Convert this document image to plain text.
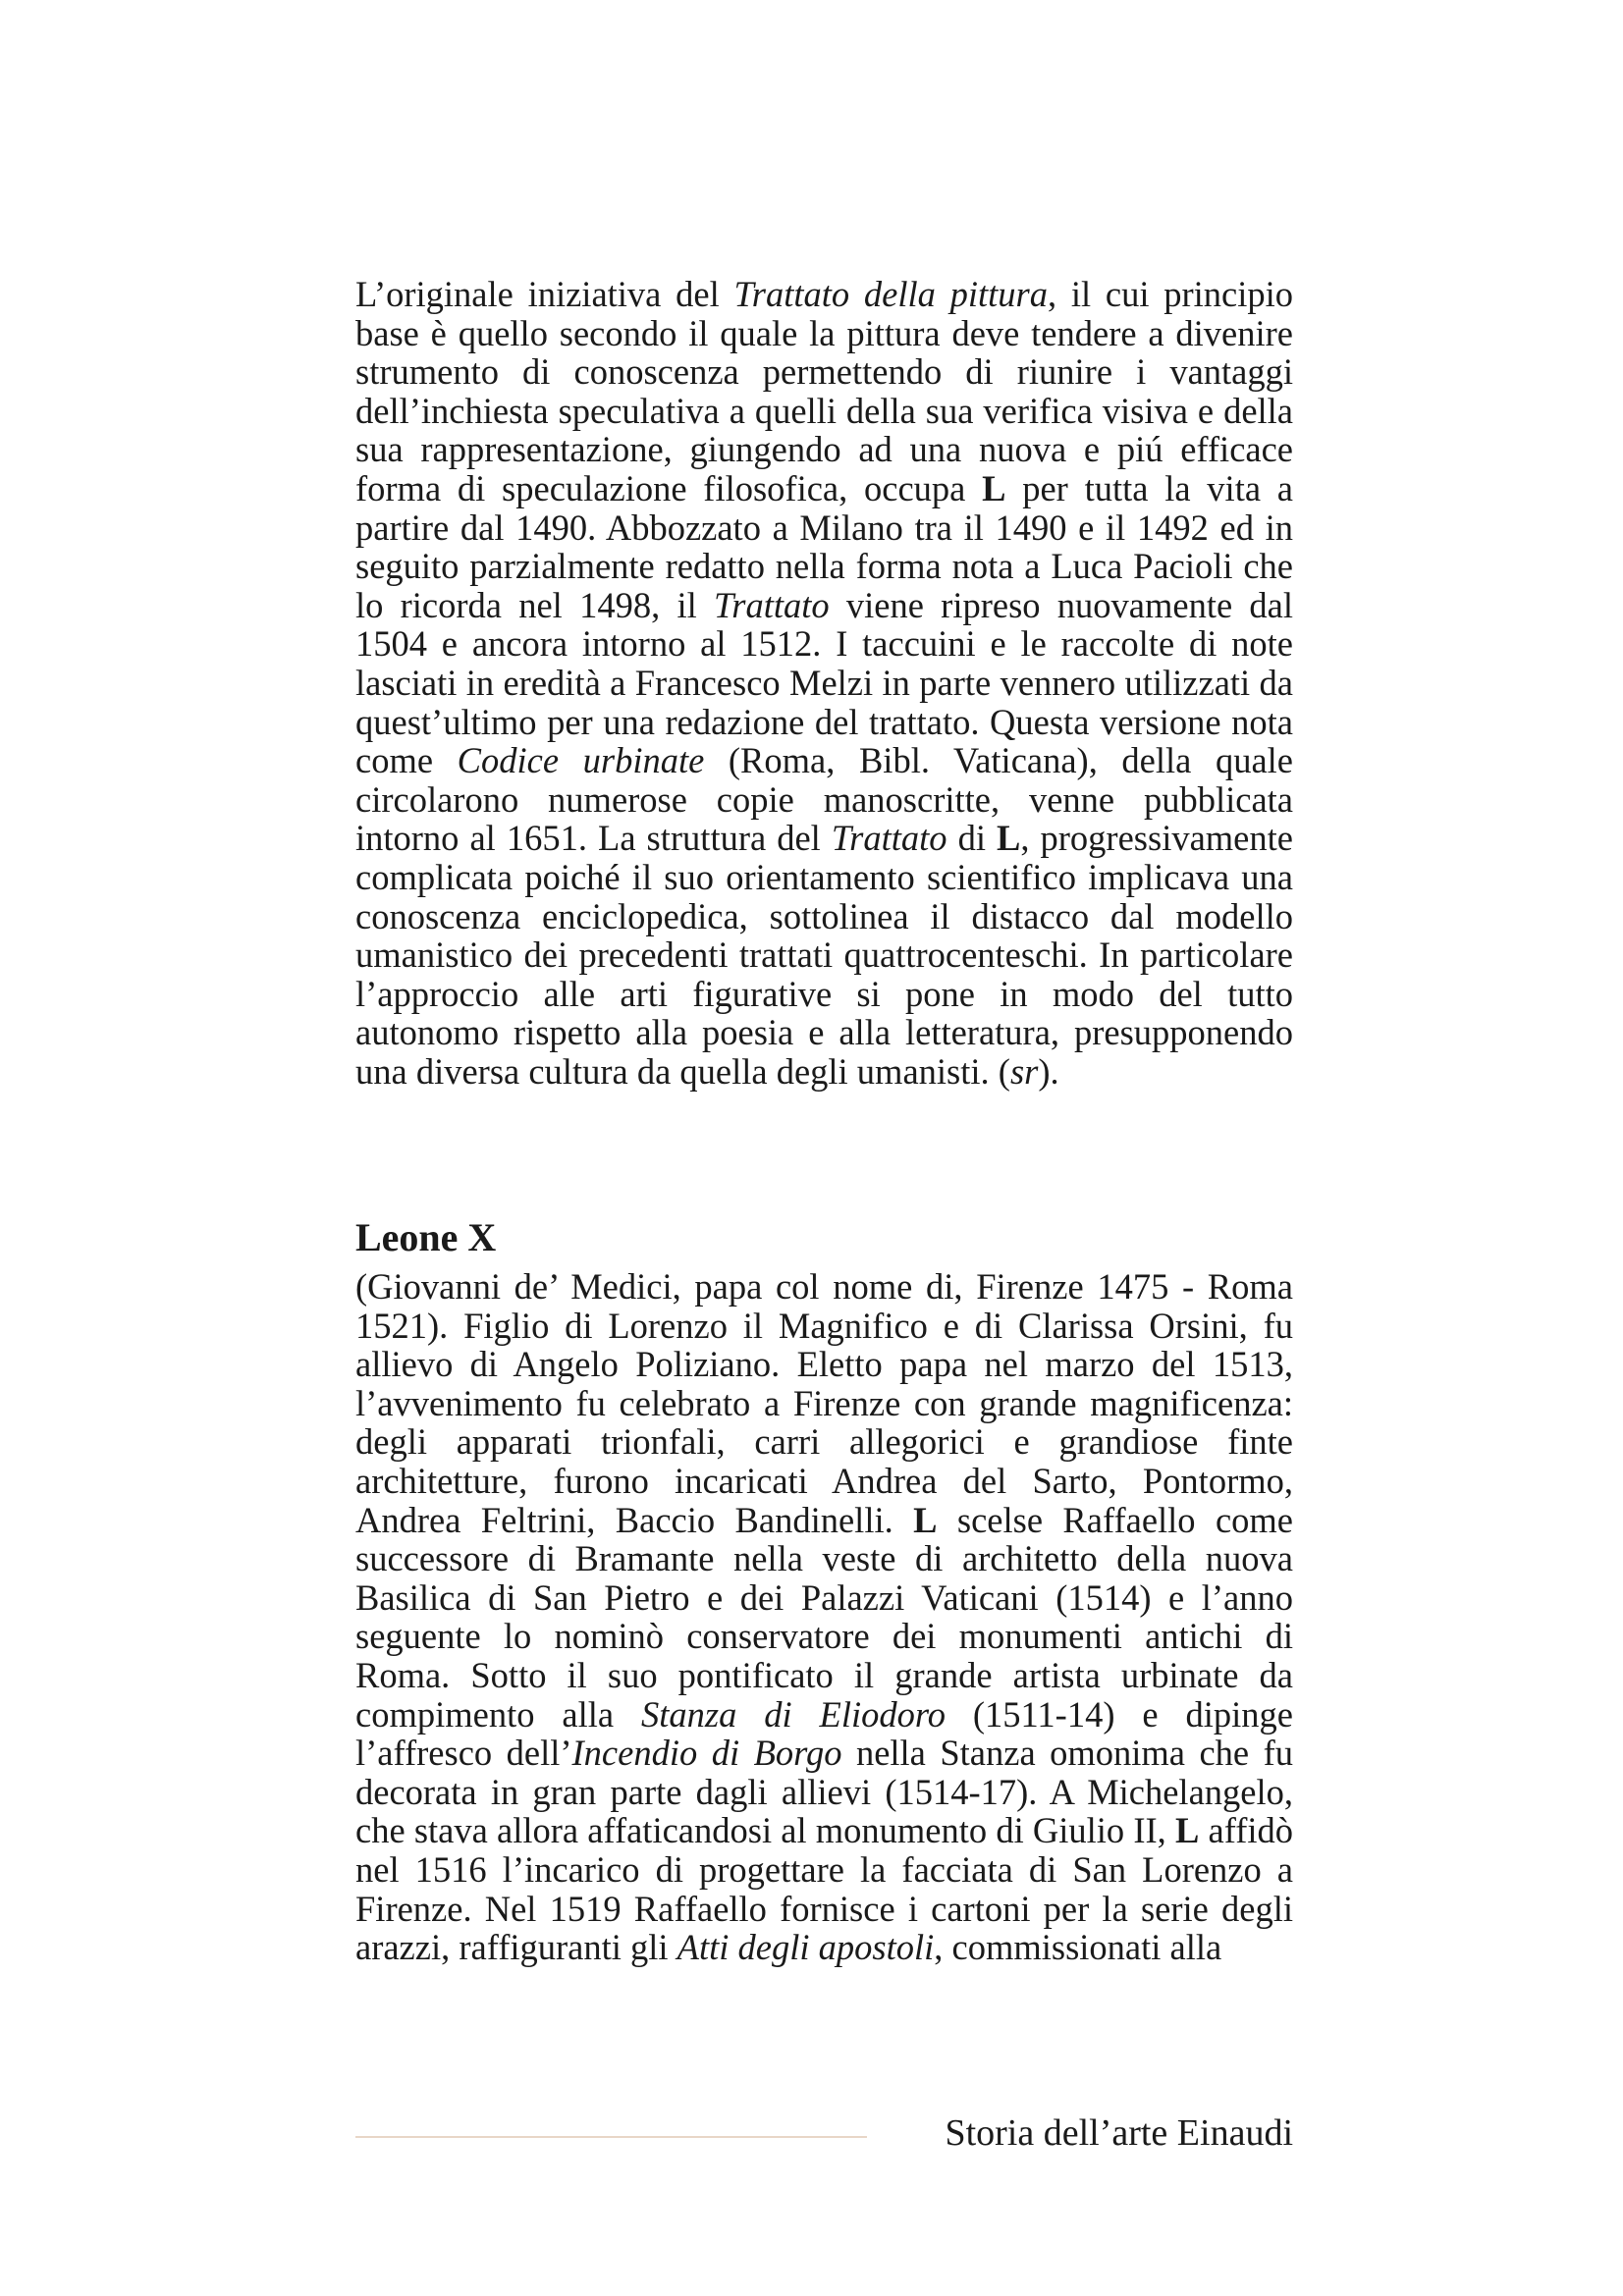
L’originale iniziativa del Trattato della pittura, il cui principio base è quello secondo il quale la pittura deve tendere a divenire strumento di conoscenza permettendo di riunire i vantaggi dell’inchiesta speculativa a quelli della sua verifica visiva e della sua rappresentazione, giungendo ad una nuova e piú efficace forma di speculazione filosofica, occupa L per tutta la vita a partire dal 1490. Abbozzato a Milano tra il 1490 e il 1492 ed in seguito parzialmente redatto nella forma nota a Luca Pacioli che lo ricorda nel 1498, il Trattato viene ripreso nuovamente dal 1504 e ancora intorno al 1512. I taccuini e le raccolte di note lasciati in eredità a Francesco Melzi in parte vennero utilizzati da quest’ultimo per una redazione del trattato. Questa versione nota come Codice urbinate (Roma, Bibl. Vaticana), della quale circolarono numerose copie manoscritte, venne pubblicata intorno al 1651. La struttura del Trattato di L, progressivamente complicata poiché il suo orientamento scientifico implicava una conoscenza enciclopedica, sottolinea il distacco dal modello umanistico dei precedenti trattati quattrocenteschi. In particolare l’approccio alle arti figurative si pone in modo del tutto autonomo rispetto alla poesia e alla letteratura, presupponendo una diversa cultura da quella degli umanisti. (sr).

Leone X

(Giovanni de’ Medici, papa col nome di, Firenze 1475 - Roma 1521). Figlio di Lorenzo il Magnifico e di Clarissa Orsini, fu allievo di Angelo Poliziano. Eletto papa nel marzo del 1513, l’avvenimento fu celebrato a Firenze con grande magnificenza: degli apparati trionfali, carri allegorici e grandiose finte architetture, furono incaricati Andrea del Sarto, Pontormo, Andrea Feltrini, Baccio Bandinelli. L scelse Raffaello come successore di Bramante nella veste di architetto della nuova Basilica di San Pietro e dei Palazzi Vaticani (1514) e l’anno seguente lo nominò conservatore dei monumenti antichi di Roma. Sotto il suo pontificato il grande artista urbinate da compimento alla Stanza di Eliodoro (1511-14) e dipinge l’affresco dell’Incendio di Borgo nella Stanza omonima che fu decorata in gran parte dagli allievi (1514-17). A Michelangelo, che stava allora affaticandosi al monumento di Giulio II, L affidò nel 1516 l’incarico di progettare la facciata di San Lorenzo a Firenze. Nel 1519 Raffaello fornisce i cartoni per la serie degli arazzi, raffiguranti gli Atti degli apostoli, commissionati alla

Storia dell’arte Einaudi
